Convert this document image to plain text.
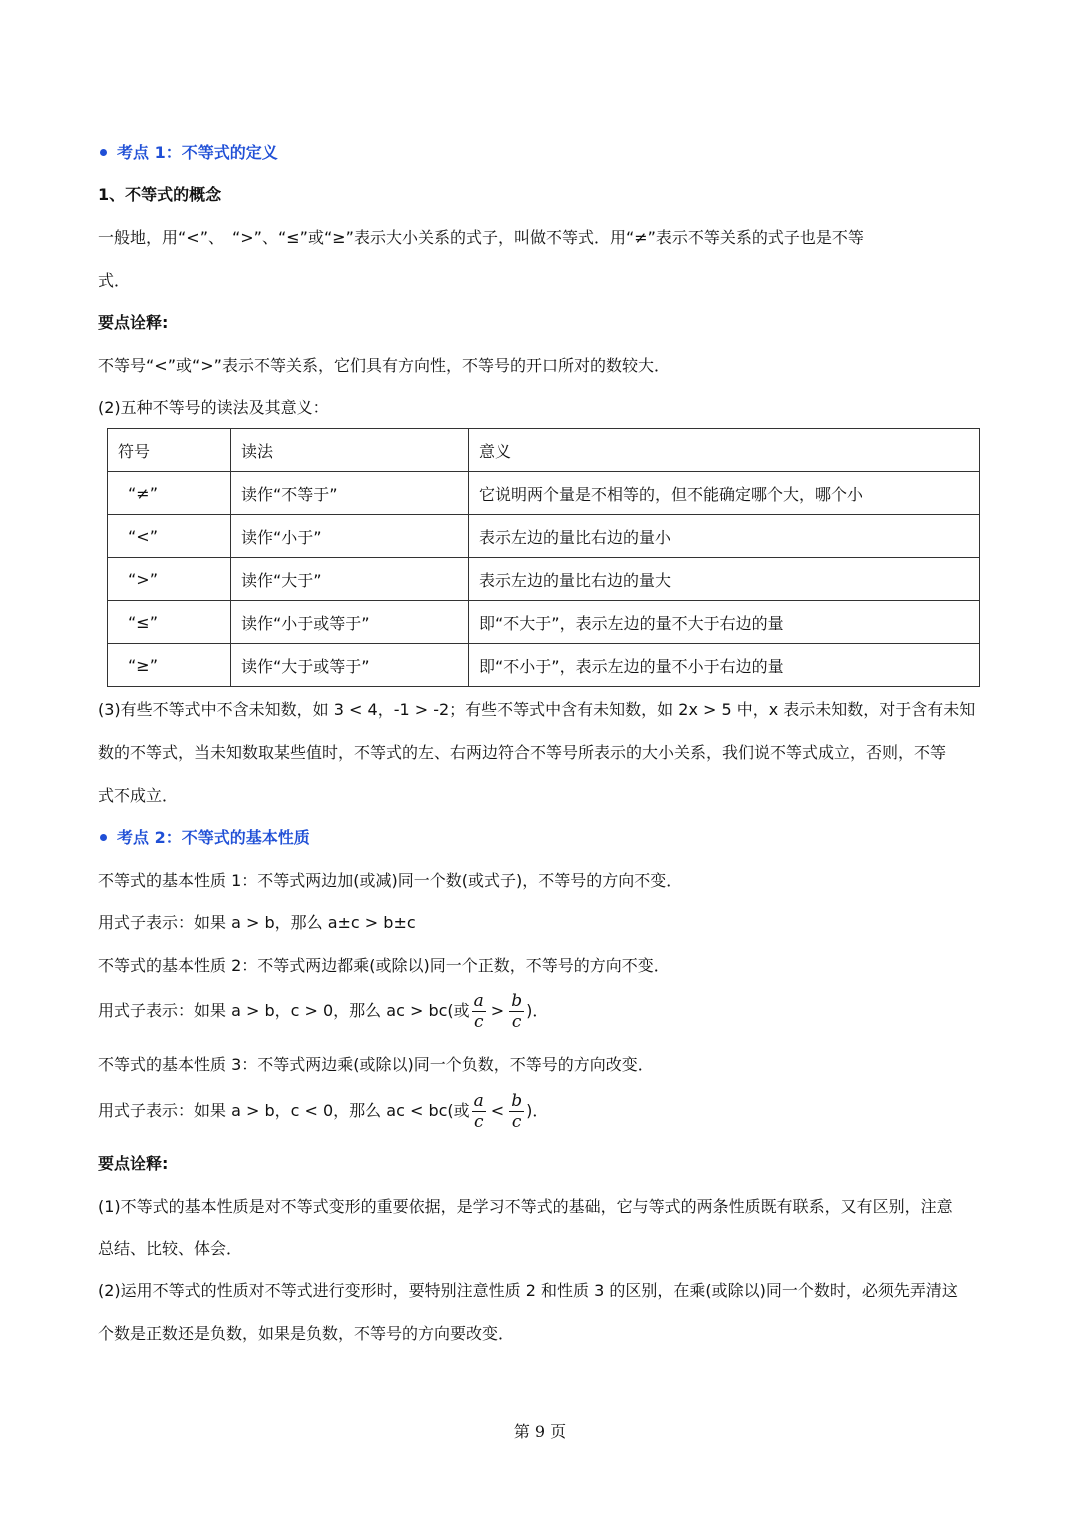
考点 1：不等式的定义
1、不等式的概念
一般地，用“<”、　“>”、“≤”或“≥”表示大小关系的式子，叫做不等式．用“≠”表示不等关系的式子也是不等
式．
要点诠释:
不等号“<”或“>”表示不等关系，它们具有方向性，不等号的开口所对的数较大．
(2)五种不等号的读法及其意义：
符号	读法	意义
“≠”	读作“不等于”	它说明两个量是不相等的，但不能确定哪个大，哪个小
“<”	读作“小于”	表示左边的量比右边的量小
“>”	读作“大于”	表示左边的量比右边的量大
“≤”	读作“小于或等于”	即“不大于”，表示左边的量不大于右边的量
“≥”	读作“大于或等于”	即“不小于”，表示左边的量不小于右边的量
(3)有些不等式中不含未知数，如 3 < 4，-1 > -2；有些不等式中含有未知数，如 2x > 5 中，x 表示未知数，对于含有未知
数的不等式，当未知数取某些值时，不等式的左、右两边符合不等号所表示的大小关系，我们说不等式成立，否则，不等
式不成立．
考点 2：不等式的基本性质
不等式的基本性质 1：不等式两边加(或减)同一个数(或式子)，不等号的方向不变．
用式子表示：如果 a > b，那么 a±c > b±c
不等式的基本性质 2：不等式两边都乘(或除以)同一个正数，不等号的方向不变．
用式子表示：如果 a > b，c > 0，那么 ac > bc(或 $\frac{a}{c} > \frac{b}{c}$ )．
不等式的基本性质 3：不等式两边乘(或除以)同一个负数，不等号的方向改变．
用式子表示：如果 a > b，c < 0，那么 ac < bc(或 $\frac{a}{c} < \frac{b}{c}$ )．
要点诠释:
(1)不等式的基本性质是对不等式变形的重要依据，是学习不等式的基础，它与等式的两条性质既有联系，又有区别，注意
总结、比较、体会．
(2)运用不等式的性质对不等式进行变形时，要特别注意性质 2 和性质 3 的区别，在乘(或除以)同一个数时，必须先弄清这
个数是正数还是负数，如果是负数，不等号的方向要改变．
第 9 页
